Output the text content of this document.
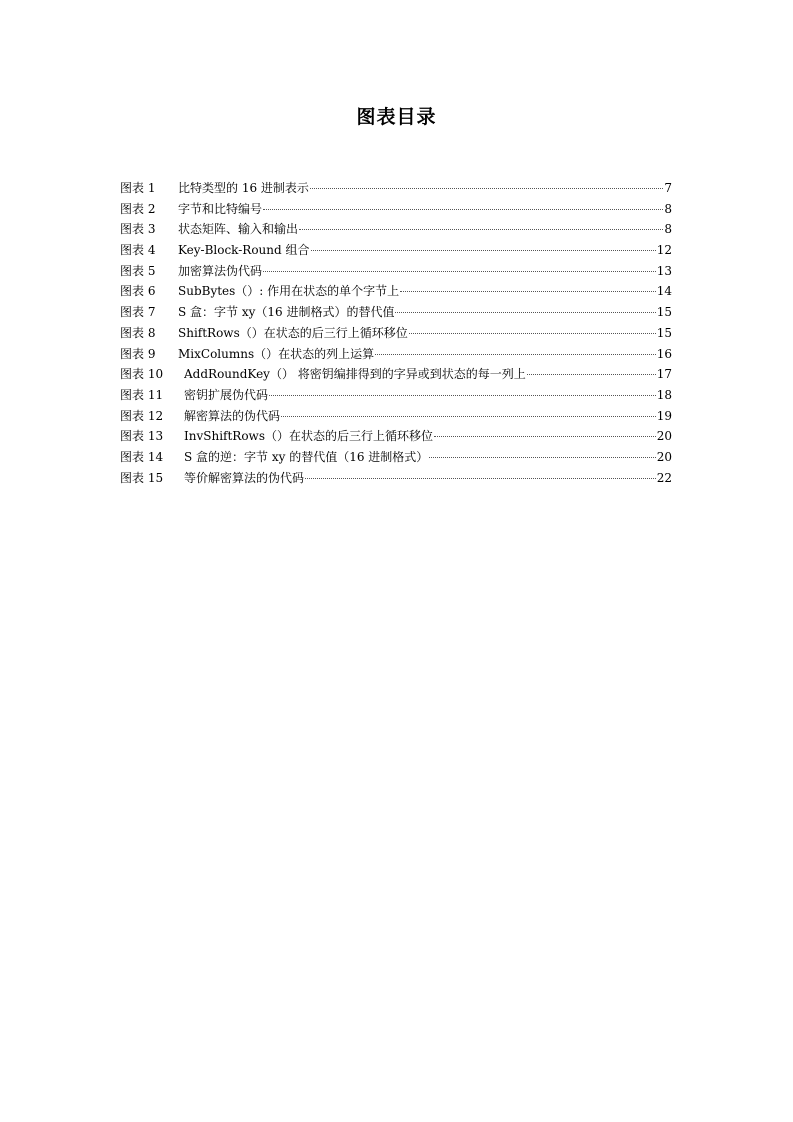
图表目录
图表 1	比特类型的 16 进制表示	7
图表 2	字节和比特编号	8
图表 3	状态矩阵、输入和输出	8
图表 4	Key-Block-Round 组合	12
图表 5	加密算法伪代码	13
图表 6	SubBytes（）: 作用在状态的单个字节上	14
图表 7	S 盒：字节 xy（16 进制格式）的替代值	15
图表 8	ShiftRows（）在状态的后三行上循环移位	15
图表 9	MixColumns（）在状态的列上运算	16
图表 10	AddRoundKey（） 将密钥编排得到的字异或到状态的每一列上	17
图表 11	密钥扩展伪代码	18
图表 12	解密算法的伪代码	19
图表 13	InvShiftRows（）在状态的后三行上循环移位	20
图表 14	S 盒的逆：字节 xy 的替代值（16 进制格式）	20
图表 15	等价解密算法的伪代码	22
